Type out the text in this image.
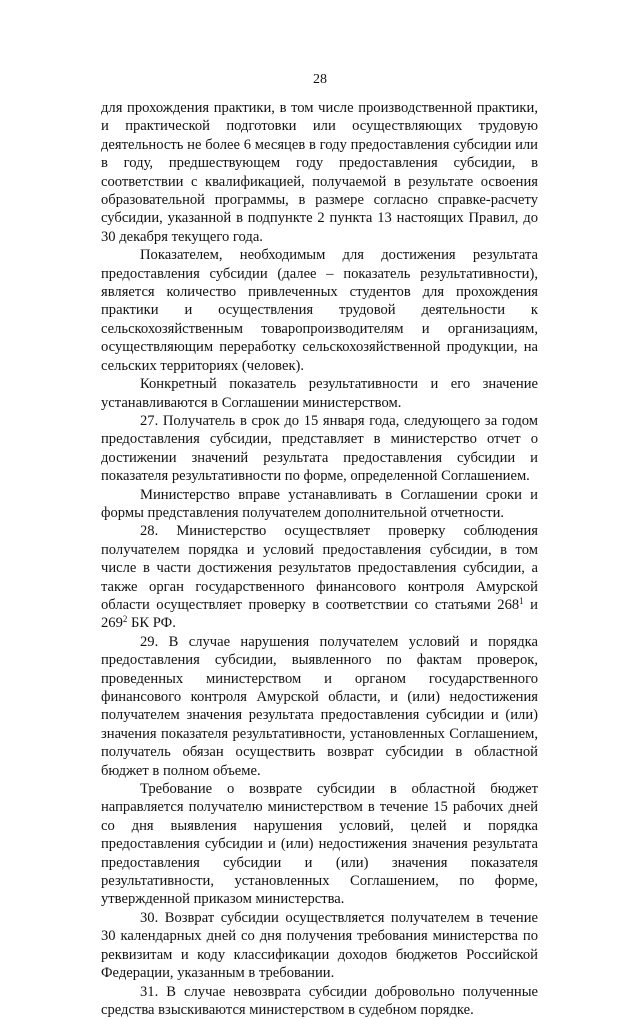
28

для прохождения практики, в том числе производственной практики, и практической подготовки или осуществляющих трудовую деятельность не более 6 месяцев в году предоставления субсидии или в году, предшествующем году предоставления субсидии, в соответствии с квалификацией, получаемой в результате освоения образовательной программы, в размере согласно справке-расчету субсидии, указанной в подпункте 2 пункта 13 настоящих Правил, до 30 декабря текущего года.

Показателем, необходимым для достижения результата предоставления субсидии (далее – показатель результативности), является количество привлеченных студентов для прохождения практики и осуществления трудовой деятельности к сельскохозяйственным товаропроизводителям и организациям, осуществляющим переработку сельскохозяйственной продукции, на сельских территориях (человек).

Конкретный показатель результативности и его значение устанавливаются в Соглашении министерством.

27. Получатель в срок до 15 января года, следующего за годом предоставления субсидии, представляет в министерство отчет о достижении значений результата предоставления субсидии и показателя результативности по форме, определенной Соглашением.

Министерство вправе устанавливать в Соглашении сроки и формы представления получателем дополнительной отчетности.

28. Министерство осуществляет проверку соблюдения получателем порядка и условий предоставления субсидии, в том числе в части достижения результатов предоставления субсидии, а также орган государственного финансового контроля Амурской области осуществляет проверку в соответствии со статьями $268^1$ и $269^2$ БК РФ.

29. В случае нарушения получателем условий и порядка предоставления субсидии, выявленного по фактам проверок, проведенных министерством и органом государственного финансового контроля Амурской области, и (или) недостижения получателем значения результата предоставления субсидии и (или) значения показателя результативности, установленных Соглашением, получатель обязан осуществить возврат субсидии в областной бюджет в полном объеме.

Требование о возврате субсидии в областной бюджет направляется получателю министерством в течение 15 рабочих дней со дня выявления нарушения условий, целей и порядка предоставления субсидии и (или) недостижения значения результата предоставления субсидии и (или) значения показателя результативности, установленных Соглашением, по форме, утвержденной приказом министерства.

30. Возврат субсидии осуществляется получателем в течение 30 календарных дней со дня получения требования министерства по реквизитам и коду классификации доходов бюджетов Российской Федерации, указанным в требовании.

31. В случае невозврата субсидии добровольно полученные средства взыскиваются министерством в судебном порядке.
